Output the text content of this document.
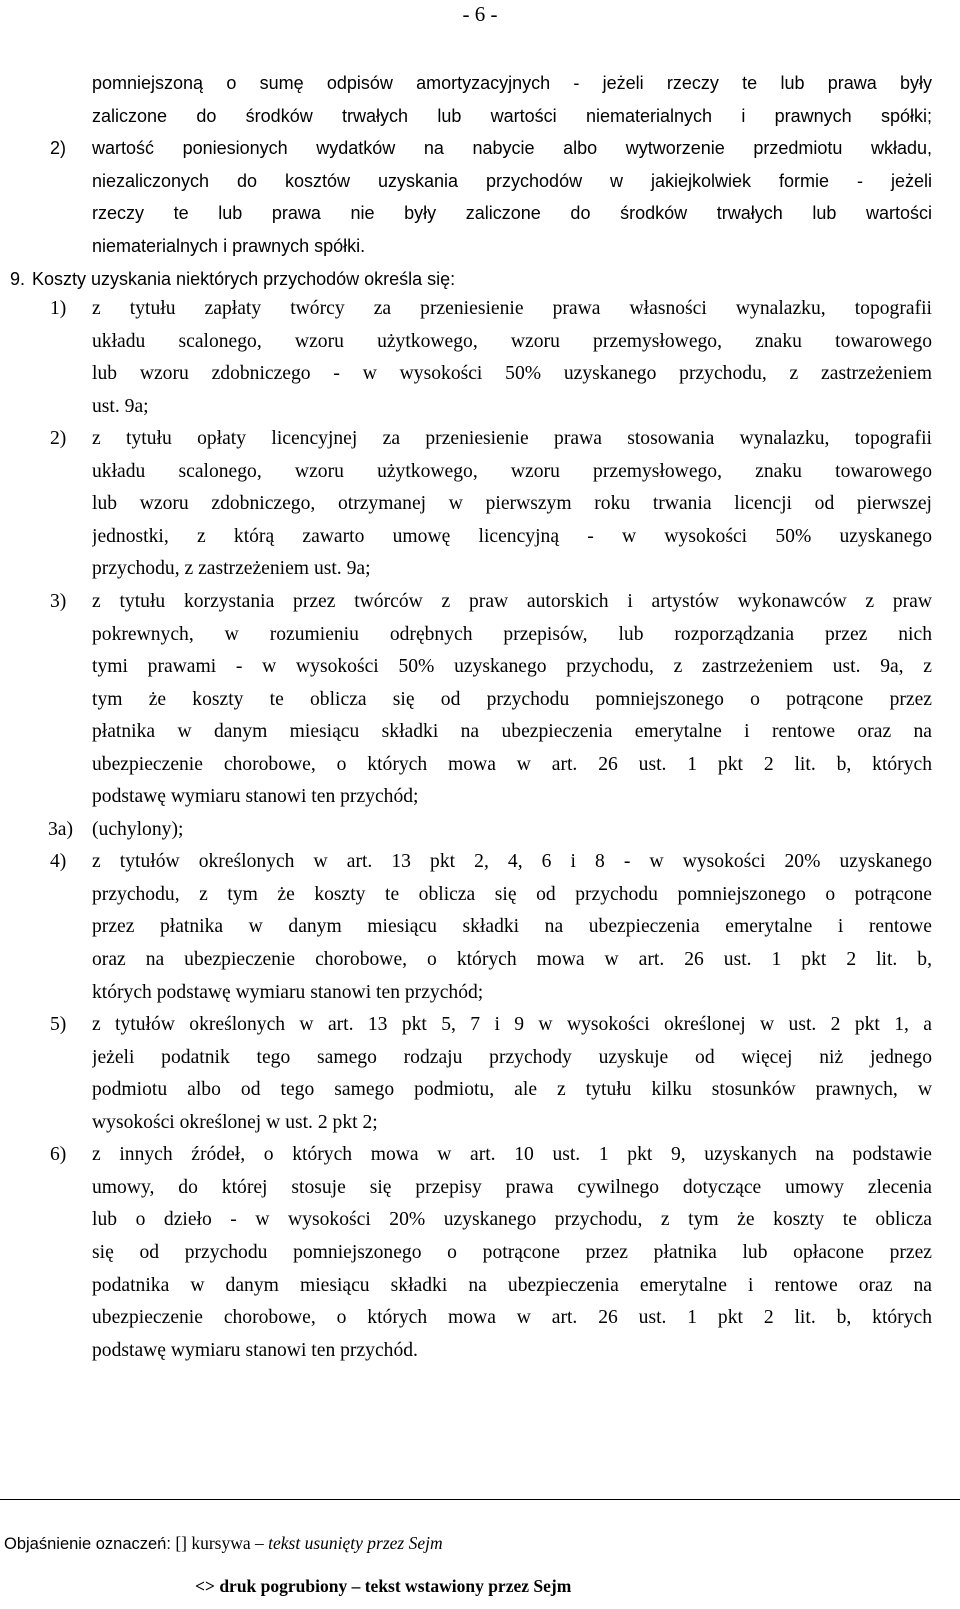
- 6 -
pomniejszoną o sumę odpisów amortyzacyjnych - jeżeli rzeczy te lub prawa były
zaliczone do środków trwałych lub wartości niematerialnych i prawnych spółki;
2) wartość poniesionych wydatków na nabycie albo wytworzenie przedmiotu wkładu,
niezaliczonych do kosztów uzyskania przychodów w jakiejkolwiek formie - jeżeli
rzeczy te lub prawa nie były zaliczone do środków trwałych lub wartości
niematerialnych i prawnych spółki.
9. Koszty uzyskania niektórych przychodów określa się:
1) z tytułu zapłaty twórcy za przeniesienie prawa własności wynalazku, topografii
układu scalonego, wzoru użytkowego, wzoru przemysłowego, znaku towarowego
lub wzoru zdobniczego - w wysokości 50% uzyskanego przychodu, z zastrzeżeniem
ust. 9a;
2) z tytułu opłaty licencyjnej za przeniesienie prawa stosowania wynalazku, topografii
układu scalonego, wzoru użytkowego, wzoru przemysłowego, znaku towarowego
lub wzoru zdobniczego, otrzymanej w pierwszym roku trwania licencji od pierwszej
jednostki, z którą zawarto umowę licencyjną - w wysokości 50% uzyskanego
przychodu, z zastrzeżeniem ust. 9a;
3) z tytułu korzystania przez twórców z praw autorskich i artystów wykonawców z praw
pokrewnych, w rozumieniu odrębnych przepisów, lub rozporządzania przez nich
tymi prawami - w wysokości 50% uzyskanego przychodu, z zastrzeżeniem ust. 9a, z
tym że koszty te oblicza się od przychodu pomniejszonego o potrącone przez
płatnika w danym miesiącu składki na ubezpieczenia emerytalne i rentowe oraz na
ubezpieczenie chorobowe, o których mowa w art. 26 ust. 1 pkt 2 lit. b, których
podstawę wymiaru stanowi ten przychód;
3a) (uchylony);
4) z tytułów określonych w art. 13 pkt 2, 4, 6 i 8 - w wysokości 20% uzyskanego
przychodu, z tym że koszty te oblicza się od przychodu pomniejszonego o potrącone
przez płatnika w danym miesiącu składki na ubezpieczenia emerytalne i rentowe
oraz na ubezpieczenie chorobowe, o których mowa w art. 26 ust. 1 pkt 2 lit. b,
których podstawę wymiaru stanowi ten przychód;
5) z tytułów określonych w art. 13 pkt 5, 7 i 9 w wysokości określonej w ust. 2 pkt 1, a
jeżeli podatnik tego samego rodzaju przychody uzyskuje od więcej niż jednego
podmiotu albo od tego samego podmiotu, ale z tytułu kilku stosunków prawnych, w
wysokości określonej w ust. 2 pkt 2;
6) z innych źródeł, o których mowa w art. 10 ust. 1 pkt 9, uzyskanych na podstawie
umowy, do której stosuje się przepisy prawa cywilnego dotyczące umowy zlecenia
lub o dzieło - w wysokości 20% uzyskanego przychodu, z tym że koszty te oblicza
się od przychodu pomniejszonego o potrącone przez płatnika lub opłacone przez
podatnika w danym miesiącu składki na ubezpieczenia emerytalne i rentowe oraz na
ubezpieczenie chorobowe, o których mowa w art. 26 ust. 1 pkt 2 lit. b, których
podstawę wymiaru stanowi ten przychód.
Objaśnienie oznaczeń: [] kursywa – tekst usunięty przez Sejm
<> druk pogrubiony – tekst wstawiony przez Sejm
